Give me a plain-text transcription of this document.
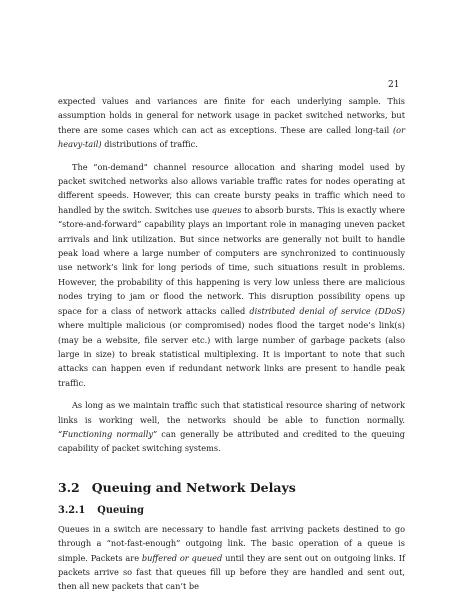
21

expected values and variances are finite for each underlying sample. This assumption holds in general for network usage in packet switched networks, but there are some cases which can act as exceptions. These are called long-tail (or heavy-tail) distributions of traffic.

The “on-demand” channel resource allocation and sharing model used by packet switched networks also allows variable traffic rates for nodes operating at different speeds. However, this can create bursty peaks in traffic which need to handled by the switch. Switches use queues to absorb bursts. This is exactly where “store-and-forward” capability plays an important role in managing uneven packet arrivals and link utilization. But since networks are generally not built to handle peak load where a large number of computers are synchronized to continuously use network’s link for long periods of time, such situations result in problems. However, the probability of this happening is very low unless there are malicious nodes trying to jam or flood the network. This disruption possibility opens up space for a class of network attacks called distributed denial of service (DDoS) where multiple malicious (or compromised) nodes flood the target node’s link(s) (may be a website, file server etc.) with large number of garbage packets (also large in size) to break statistical multiplexing. It is important to note that such attacks can happen even if redundant network links are present to handle peak traffic.

As long as we maintain traffic such that statistical resource sharing of network links is working well, the networks should be able to function normally. “Functioning normally” can generally be attributed and credited to the queuing capability of packet switching systems.

3.2 Queuing and Network Delays
3.2.1 Queuing

Queues in a switch are necessary to handle fast arriving packets destined to go through a “not-fast-enough” outgoing link. The basic operation of a queue is simple. Packets are buffered or queued until they are sent out on outgoing links. If packets arrive so fast that queues fill up before they are handled and sent out, then all new packets that can’t be
